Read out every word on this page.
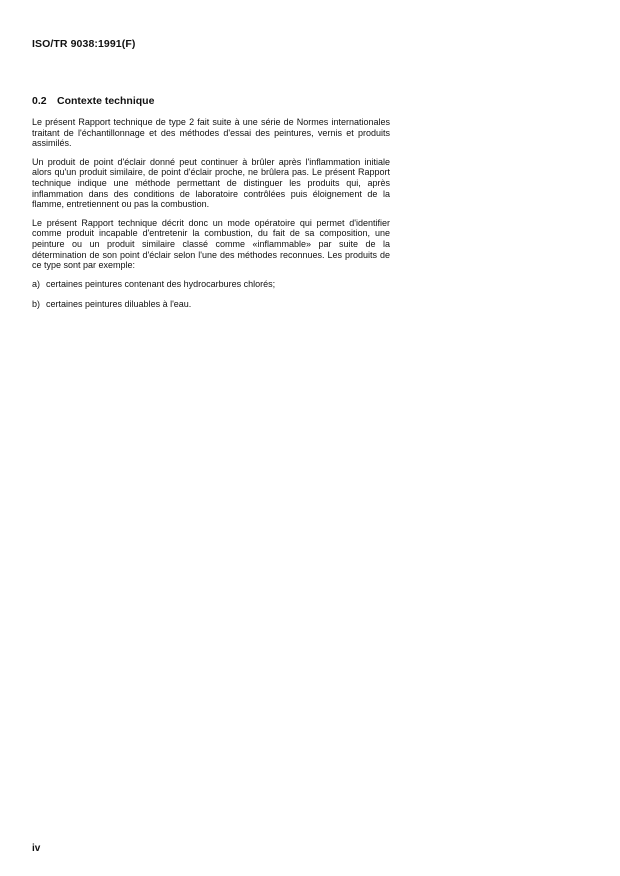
ISO/TR 9038:1991(F)
0.2 Contexte technique

Le présent Rapport technique de type 2 fait suite à une série de Normes internationales traitant de l'échantillonnage et des méthodes d'essai des peintures, vernis et produits assimilés.

Un produit de point d'éclair donné peut continuer à brûler après l'inflammation initiale alors qu'un produit similaire, de point d'éclair proche, ne brûlera pas. Le présent Rapport technique indique une méthode permettant de distinguer les produits qui, après inflammation dans des conditions de laboratoire contrôlées puis éloignement de la flamme, entretiennent ou pas la combustion.

Le présent Rapport technique décrit donc un mode opératoire qui permet d'identifier comme produit incapable d'entretenir la combustion, du fait de sa composition, une peinture ou un produit similaire classé comme «inflammable» par suite de la détermination de son point d'éclair selon l'une des méthodes reconnues. Les produits de ce type sont par exemple:

a) certaines peintures contenant des hydrocarbures chlorés;
b) certaines peintures diluables à l'eau.
iv
